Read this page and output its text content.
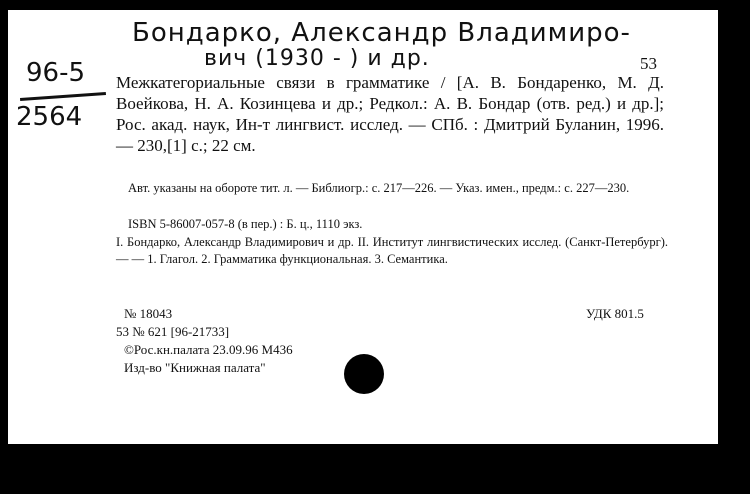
Бондарко, Александр Владимиро-
вич (1930 - ) и др.
96-5
2564
53
Межкатегориальные связи в грамматике / [А. В. Бондаренко, М. Д. Воейкова, Н. А. Козинцева и др.; Редкол.: А. В. Бондар (отв. ред.) и др.]; Рос. акад. наук, Ин-т лингвист. исслед. — СПб. : Дмитрий Буланин, 1996. — 230,[1] с.; 22 см.
Авт. указаны на обороте тит. л. — Библиогр.: с. 217—226. — Указ. имен., предм.: с. 227—230.
ISBN 5-86007-057-8 (в пер.) : Б. ц., 1110 экз.
I. Бондарко, Александр Владимирович и др. II. Институт лингвистических исслед. (Санкт-Петербург). — — 1. Глагол. 2. Грамматика функциональная. 3. Семантика.
№ 18043	УДК 801.5
53 № 621 [96-21733]
©Рос.кн.палата 23.09.96 М436
Изд-во "Книжная палата"
